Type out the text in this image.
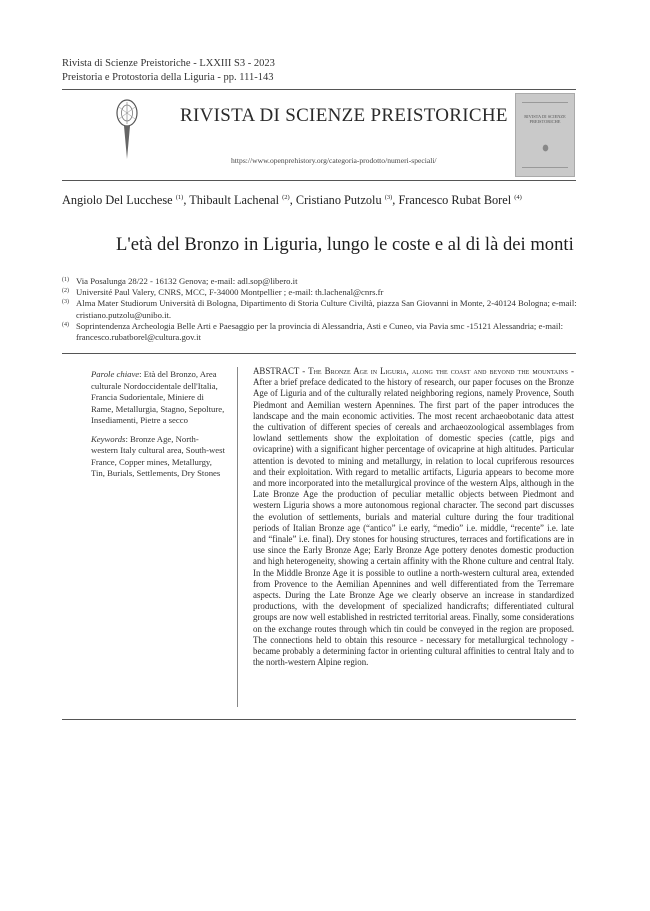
Rivista di Scienze Preistoriche - LXXIII S3 - 2023
Preistoria e Protostoria della Liguria - pp. 111-143
RIVISTA DI SCIENZE PREISTORICHE
https://www.openprehistory.org/categoria-prodotto/numeri-speciali/
RIVISTA DI SCIENZE PREISTORICHE
Angiolo Del Lucchese $^{(1)}$, Thibault Lachenal $^{(2)}$, Cristiano Putzolu $^{(3)}$, Francesco Rubat Borel $^{(4)}$
L'età del Bronzo in Liguria, lungo le coste e al di là dei monti
(1) Via Posalunga 28/22 - 16132 Genova; e-mail: adl.sop@libero.it
(2) Université Paul Valery, CNRS, MCC, F-34000 Montpellier ; e-mail: th.lachenal@cnrs.fr
(3) Alma Mater Studiorum Università di Bologna, Dipartimento di Storia Culture Civiltà, piazza San Giovanni in Monte, 2-40124 Bologna; e-mail: cristiano.putzolu@unibo.it.
(4) Soprintendenza Archeologia Belle Arti e Paesaggio per la provincia di Alessandria, Asti e Cuneo, via Pavia smc -15121 Alessandria; e-mail: francesco.rubatborel@cultura.gov.it

Parole chiave: Età del Bronzo, Area culturale Nordoccidentale dell'Italia, Francia Sudorientale, Miniere di Rame, Metallurgia, Stagno, Sepolture, Insediamenti, Pietre a secco

Keywords: Bronze Age, North-western Italy cultural area, South-west France, Copper mines, Metallurgy, Tin, Burials, Settlements, Dry Stones

ABSTRACT - The Bronze Age in Liguria, along the coast and beyond the mountains - After a brief preface dedicated to the history of research, our paper focuses on the Bronze Age of Liguria and of the culturally related neighboring regions, namely Provence, South Piedmont and Aemilian western Apennines. The first part of the paper introduces the landscape and the main economic activities. The most recent archaeobotanic data attest the cultivation of different species of cereals and archaeozoological assemblages from lowland settlements show the exploitation of domestic species (cattle, pigs and ovicaprine) with a significant higher percentage of ovicaprine at high altitudes. Particular attention is devoted to mining and metallurgy, in relation to local cupriferous resources and their exploitation. With regard to metallic artifacts, Liguria appears to become more and more incorporated into the metallurgical province of the western Alps, although in the Late Bronze Age the production of peculiar metallic objects between Piedmont and western Liguria shows a more autonomous regional character. The second part discusses the evolution of settlements, burials and material culture during the four traditional periods of Italian Bronze age (“antico” i.e early, “medio” i.e. middle, “recente” i.e. late and “finale” i.e. final). Dry stones for housing structures, terraces and fortifications are in use since the Early Bronze Age; Early Bronze Age pottery denotes domestic production and high heterogeneity, showing a certain affinity with the Rhone culture and central Italy. In the Middle Bronze Age it is possible to outline a north-western cultural area, extended from Provence to the Aemilian Apennines and well differentiated from the Terremare aspects. During the Late Bronze Age we clearly observe an increase in standardized productions, with the development of specialized handicrafts; differentiated cultural groups are now well established in restricted territorial areas. Finally, some considerations on the exchange routes through which tin could be conveyed in the region are proposed. The connections held to obtain this resource - necessary for metallurgical technology - became probably a determining factor in orienting cultural affinities to central Italy and to the north-western Alpine region.
